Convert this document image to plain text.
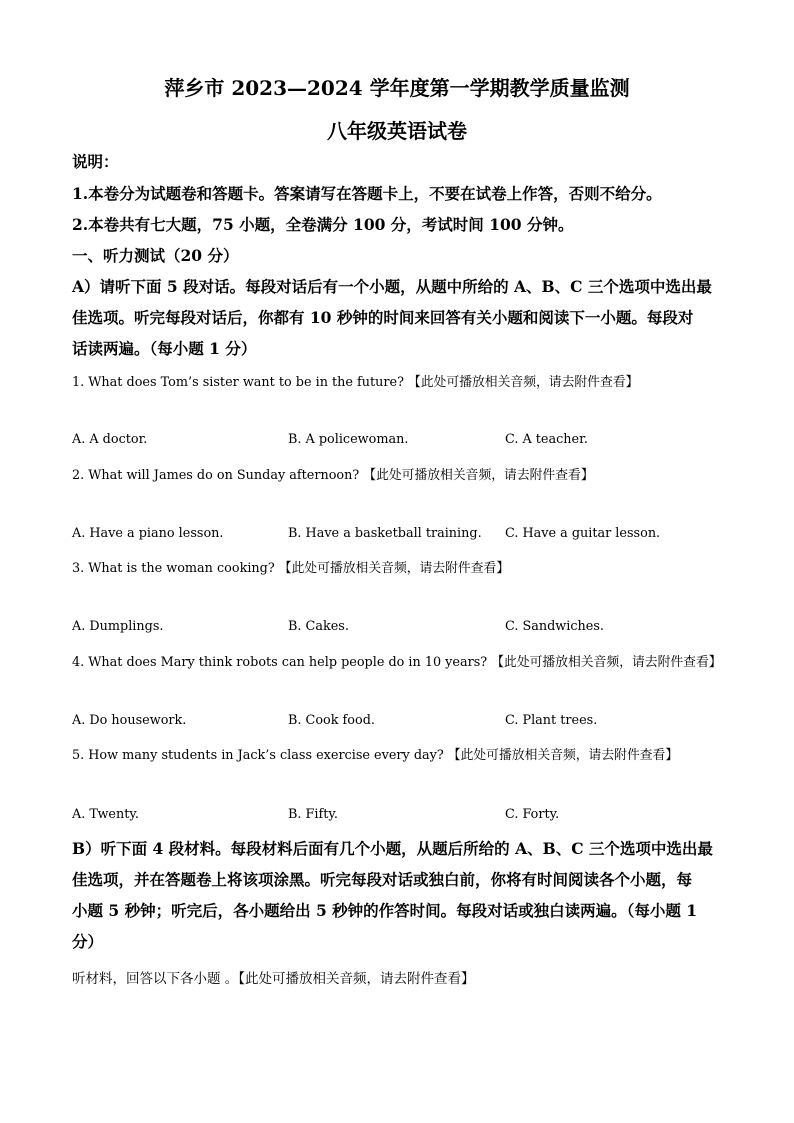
萍乡市 2023—2024 学年度第一学期教学质量监测
八年级英语试卷
说明：
1.本卷分为试题卷和答题卡。答案请写在答题卡上，不要在试卷上作答，否则不给分。
2.本卷共有七大题，75 小题，全卷满分 100 分，考试时间 100 分钟。
一、听力测试（20 分）
A）请听下面 5 段对话。每段对话后有一个小题，从题中所给的 A、B、C 三个选项中选出最
佳选项。听完每段对话后，你都有 10 秒钟的时间来回答有关小题和阅读下一小题。每段对
话读两遍。（每小题 1 分）
1. What does Tom’s sister want to be in the future? 【此处可播放相关音频，请去附件查看】
A. A doctor.	B. A policewoman.	C. A teacher.
2. What will James do on Sunday afternoon? 【此处可播放相关音频，请去附件查看】
A. Have a piano lesson.	B. Have a basketball training. C. Have a guitar lesson.
3. What is the woman cooking? 【此处可播放相关音频，请去附件查看】
A. Dumplings.	B. Cakes.	C. Sandwiches.
4. What does Mary think robots can help people do in 10 years? 【此处可播放相关音频，请去附件查看】
A. Do housework.	B. Cook food.	C. Plant trees.
5. How many students in Jack’s class exercise every day? 【此处可播放相关音频，请去附件查看】
A. Twenty.	B. Fifty.	C. Forty.
B）听下面 4 段材料。每段材料后面有几个小题，从题后所给的 A、B、C 三个选项中选出最
佳选项，并在答题卷上将该项涂黑。听完每段对话或独白前，你将有时间阅读各个小题，每
小题 5 秒钟；听完后，各小题给出 5 秒钟的作答时间。每段对话或独白读两遍。（每小题 1
分）
听材料，回答以下各小题 。【此处可播放相关音频，请去附件查看】
